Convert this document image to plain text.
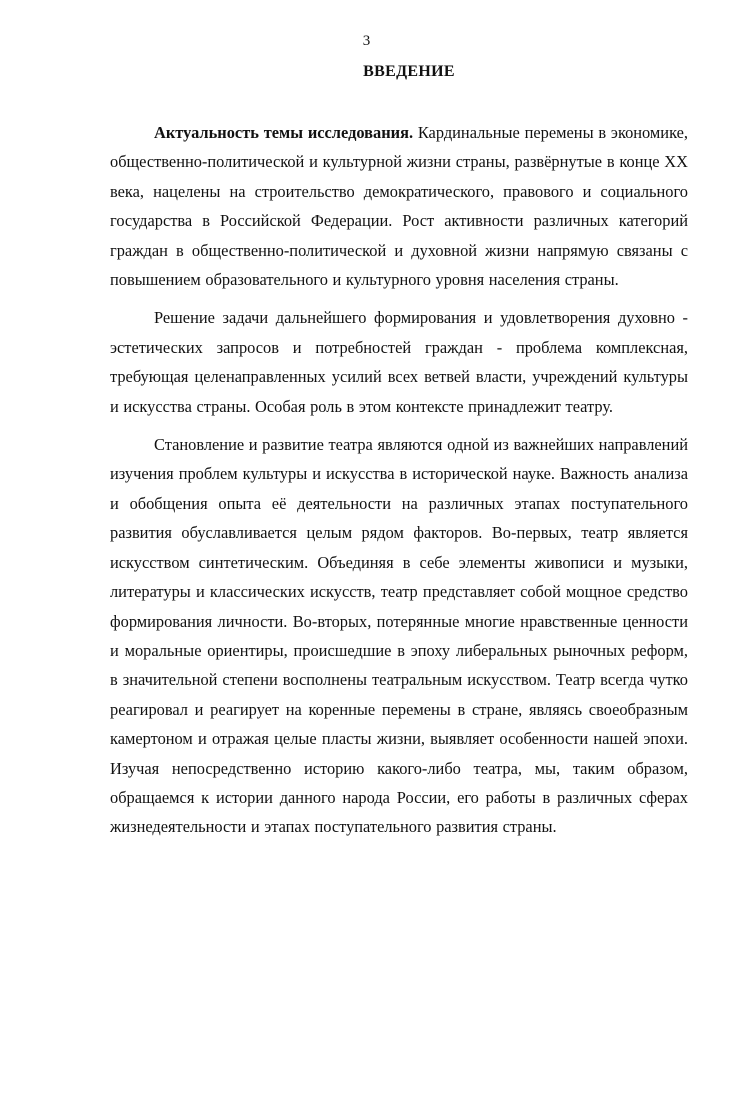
3
ВВЕДЕНИЕ

Актуальность темы исследования. Кардинальные перемены в экономике, общественно-политической и культурной жизни страны, развёрнутые в конце XX века, нацелены на строительство демократического, правового и социального государства в Российской Федерации. Рост активности различных категорий граждан в общественно-политической и духовной жизни напрямую связаны с повышением образовательного и культурного уровня населения страны.

Решение задачи дальнейшего формирования и удовлетворения духовно - эстетических запросов и потребностей граждан - проблема комплексная, требующая целенаправленных усилий всех ветвей власти, учреждений культуры и искусства страны. Особая роль в этом контексте принадлежит театру.

Становление и развитие театра являются одной из важнейших направлений изучения проблем культуры и искусства в исторической науке. Важность анализа и обобщения опыта её деятельности на различных этапах поступательного развития обуславливается целым рядом факторов. Во-первых, театр является искусством синтетическим. Объединяя в себе элементы живописи и музыки, литературы и классических искусств, театр представляет собой мощное средство формирования личности. Во-вторых, потерянные многие нравственные ценности и моральные ориентиры, происшедшие в эпоху либеральных рыночных реформ, в значительной степени восполнены театральным искусством. Театр всегда чутко реагировал и реагирует на коренные перемены в стране, являясь своеобразным камертоном и отражая целые пласты жизни, выявляет особенности нашей эпохи. Изучая непосредственно историю какого-либо театра, мы, таким образом, обращаемся к истории данного народа России, его работы в различных сферах жизнедеятельности и этапах поступательного развития страны.
